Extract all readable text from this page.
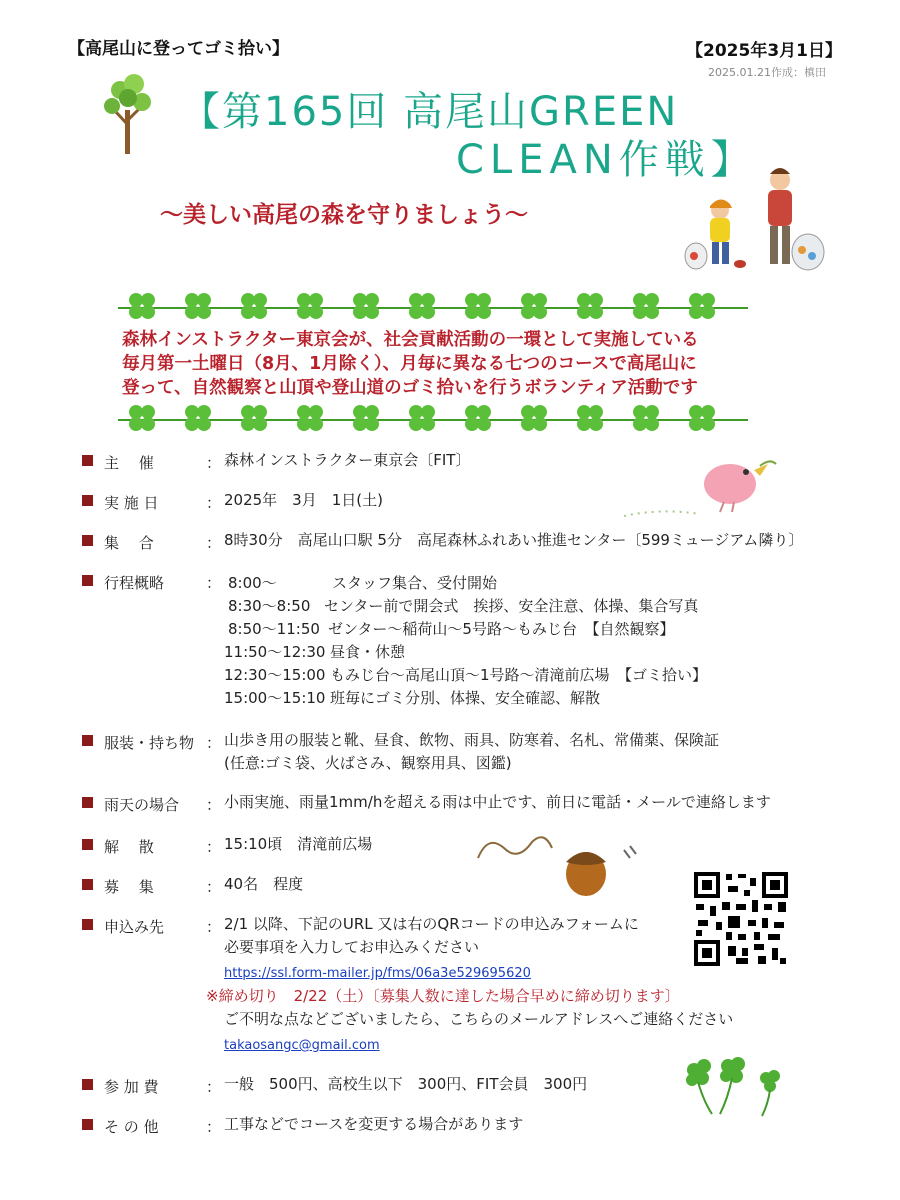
【高尾山に登ってゴミ拾い】	【2025年3月1日】
2025.01.21作成：槙田
【第165回 高尾山GREEN
CLEAN作戦】
～美しい高尾の森を守りましょう～
森林インストラクター東京会が、社会貢献活動の一環として実施している
毎月第一土曜日（8月、1月除く）、月毎に異なる七つのコースで高尾山に
登って、自然観察と山頂や登山道のゴミ拾いを行うボランティア活動です
主　 催	： 森林インストラクター東京会〔FIT〕
実 施 日	： 2025年　3月　1日(土)
集　 合	： 8時30分　高尾山口駅 5分　高尾森林ふれあい推進センター〔599ミュージアム隣り〕
行程概略	： 8:00～	スタッフ集合、受付開始
8:30～8:50 センター前で開会式　挨拶、安全注意、体操、集合写真
8:50～11:50 ゼンター～稲荷山～5号路～もみじ台　【自然観察】
11:50～12:30 昼食・休憩
12:30～15:00 もみじ台～高尾山頂～1号路～清滝前広場　【ゴミ拾い】
15:00～15:10 班毎にゴミ分別、体操、安全確認、解散
服装・持ち物 ： 山歩き用の服装と靴、昼食、飲物、雨具、防寒着、名札、常備薬、保険証
(任意:ゴミ袋、火ばさみ、観察用具、図鑑)
雨天の場合 ： 小雨実施、雨量1mm/hを超える雨は中止です、前日に電話・メールで連絡します
解　 散	： 15:10頃　清滝前広場
募　 集	： 40名　程度
申込み先	： 2/1 以降、下記のURL 又は右のQRコードの申込みフォームに
必要事項を入力してお申込みください
https://ssl.form-mailer.jp/fms/06a3e529695620
※締め切り　2/22（土）〔募集人数に達した場合早めに締め切ります〕
ご不明な点などございましたら、こちらのメールアドレスへご連絡ください
takaosangc@gmail.com
参 加 費	： 一般　500円、高校生以下　300円、FIT会員　300円
そ の 他	： 工事などでコースを変更する場合があります
